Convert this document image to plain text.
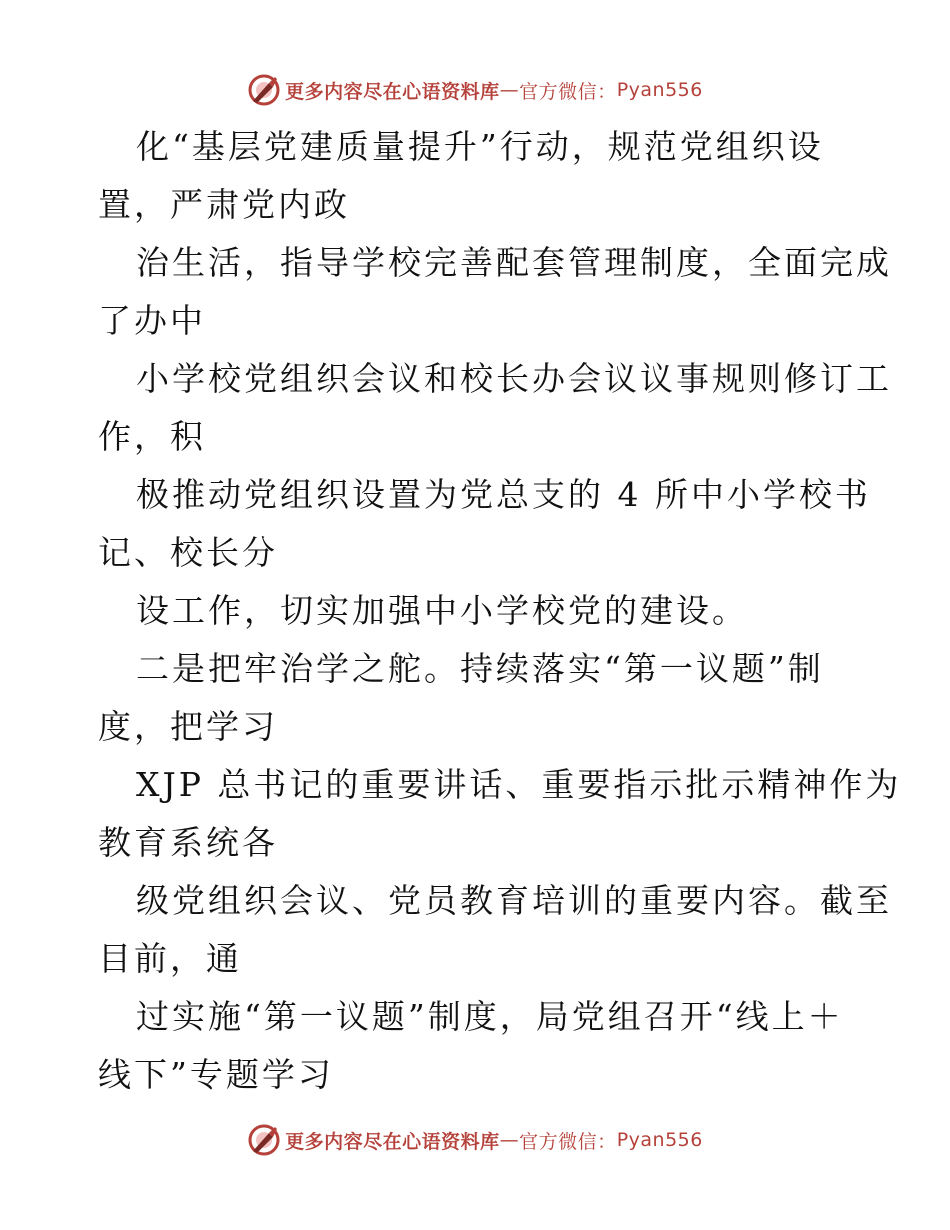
更多内容尽在心语资料库 — 官方微信： Pyan556
化“基层党建质量提升”行动，规范党组织设
置，严肃党内政
治生活，指导学校完善配套管理制度，全面完成
了办中
小学校党组织会议和校长办会议议事规则修订工
作，积
极推动党组织设置为党总支的 4 所中小学校书
记、校长分
设工作，切实加强中小学校党的建设。
二是把牢治学之舵。持续落实“第一议题”制
度，把学习
XJP 总书记的重要讲话、重要指示批示精神作为
教育系统各
级党组织会议、党员教育培训的重要内容。截至
目前，通
过实施“第一议题”制度，局党组召开“线上＋
线下”专题学习
更多内容尽在心语资料库 — 官方微信： Pyan556
